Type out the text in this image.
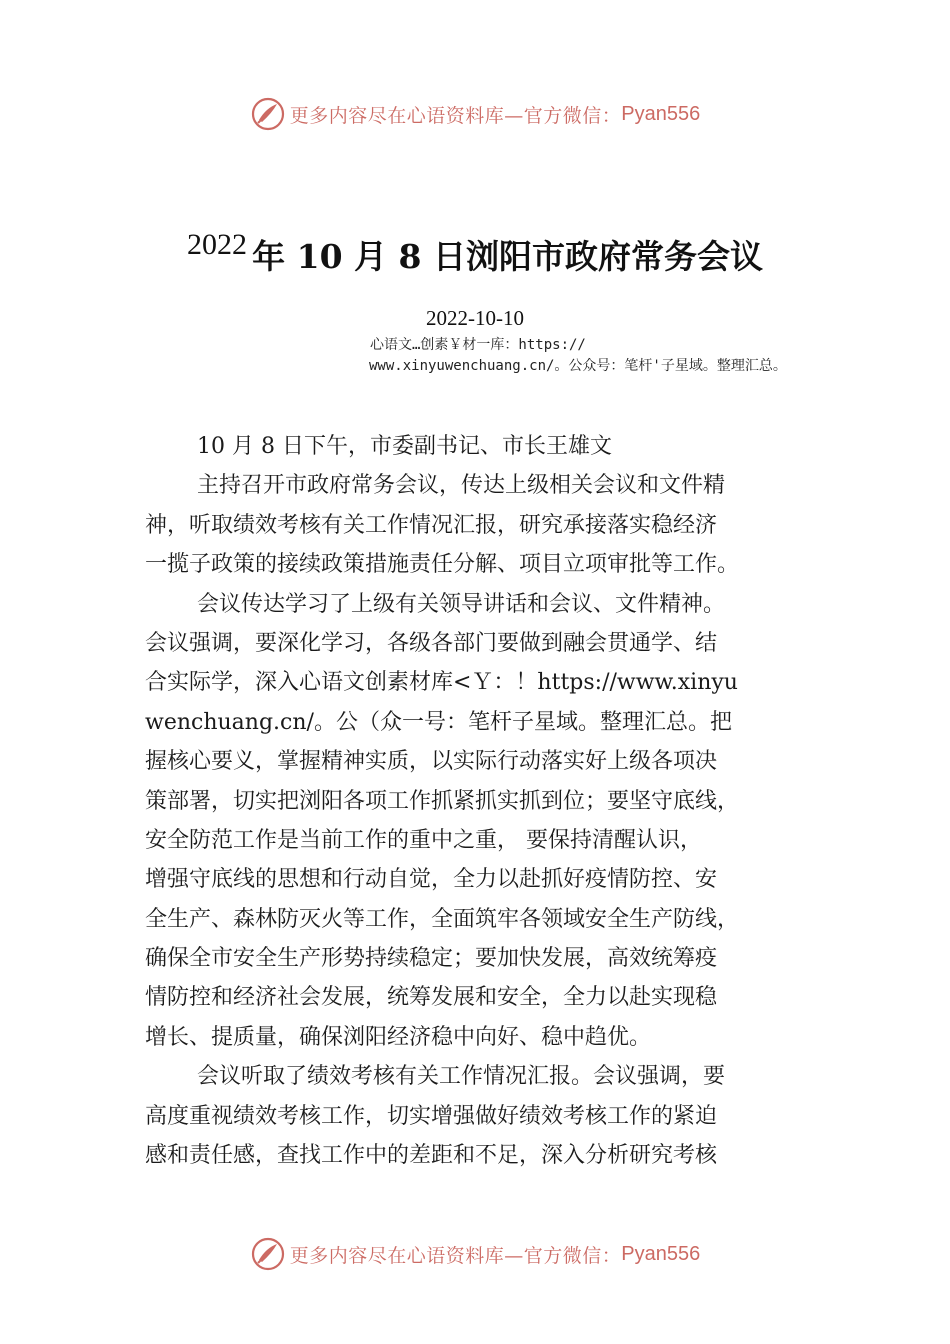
更多内容尽在心语资料库—官方微信： Pyan556
2022 年 10 月 8 日浏阳市政府常务会议
2022-10-10
心语文…创素￥材一库：https://
www.xinyuwenchuang.cn/。公众号：笔杆'子星域。整理汇总。
10 月 8 日下午，市委副书记、市长王雄文
主持召开市政府常务会议，传达上级相关会议和文件精
神，听取绩效考核有关工作情况汇报，研究承接落实稳经济
一揽子政策的接续政策措施责任分解、项目立项审批等工作。
会议传达学习了上级有关领导讲话和会议、文件精神。
会议强调，要深化学习，各级各部门要做到融会贯通学、结
合实际学，深入心语文创素材库<Ｙ：！https://www.xinyu
wenchuang.cn/。公（众一号：笔杆子星域。整理汇总。把
握核心要义，掌握精神实质，以实际行动落实好上级各项决
策部署，切实把浏阳各项工作抓紧抓实抓到位；要坚守底线，
安全防范工作是当前工作的重中之重， 要保持清醒认识，
增强守底线的思想和行动自觉，全力以赴抓好疫情防控、安
全生产、森林防灭火等工作，全面筑牢各领域安全生产防线，
确保全市安全生产形势持续稳定；要加快发展，高效统筹疫
情防控和经济社会发展，统筹发展和安全，全力以赴实现稳
增长、提质量，确保浏阳经济稳中向好、稳中趋优。
会议听取了绩效考核有关工作情况汇报。会议强调，要
高度重视绩效考核工作，切实增强做好绩效考核工作的紧迫
感和责任感，查找工作中的差距和不足，深入分析研究考核
更多内容尽在心语资料库—官方微信： Pyan556
